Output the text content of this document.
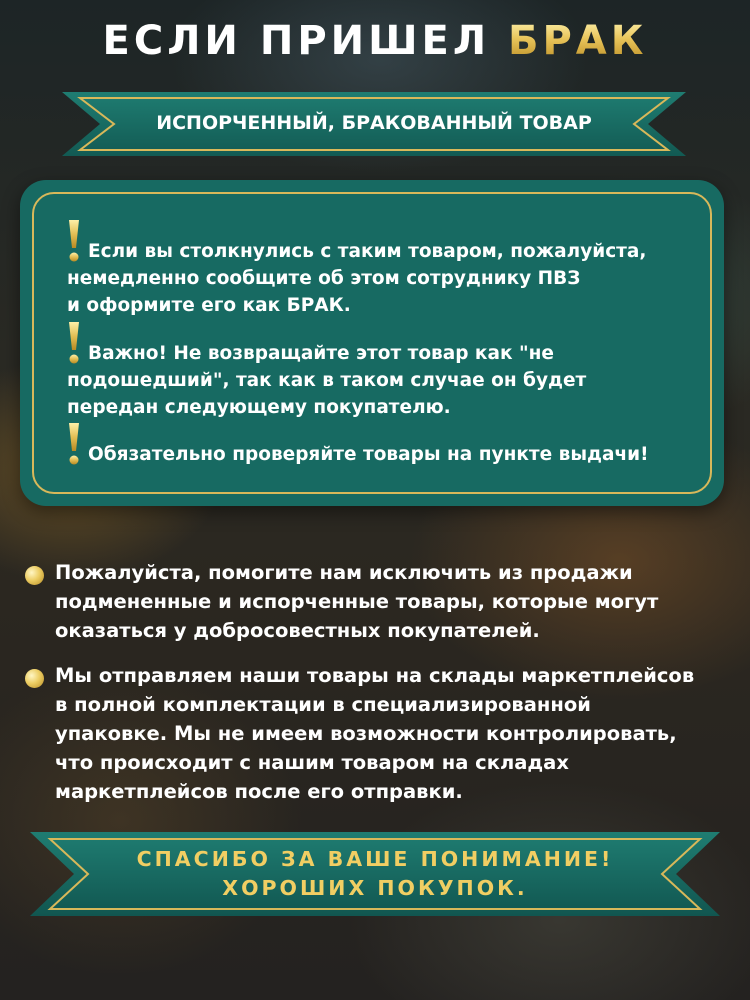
ЕСЛИ ПРИШЕЛ БРАК
ИСПОРЧЕННЫЙ, БРАКОВАННЫЙ ТОВАР
Если вы столкнулись с таким товаром, пожалуйста,
немедленно сообщите об этом сотруднику ПВЗ
и оформите его как БРАК.
Важно! Не возвращайте этот товар как "не
подошедший", так как в таком случае он будет
передан следующему покупателю.
Обязательно проверяйте товары на пункте выдачи!
Пожалуйста, помогите нам исключить из продажи
подмененные и испорченные товары, которые могут
оказаться у добросовестных покупателей.
Мы отправляем наши товары на склады маркетплейсов
в полной комплектации в специализированной
упаковке. Мы не имеем возможности контролировать,
что происходит с нашим товаром на складах
маркетплейсов после его отправки.
СПАСИБО ЗА ВАШЕ ПОНИМАНИЕ!
ХОРОШИХ ПОКУПОК.
